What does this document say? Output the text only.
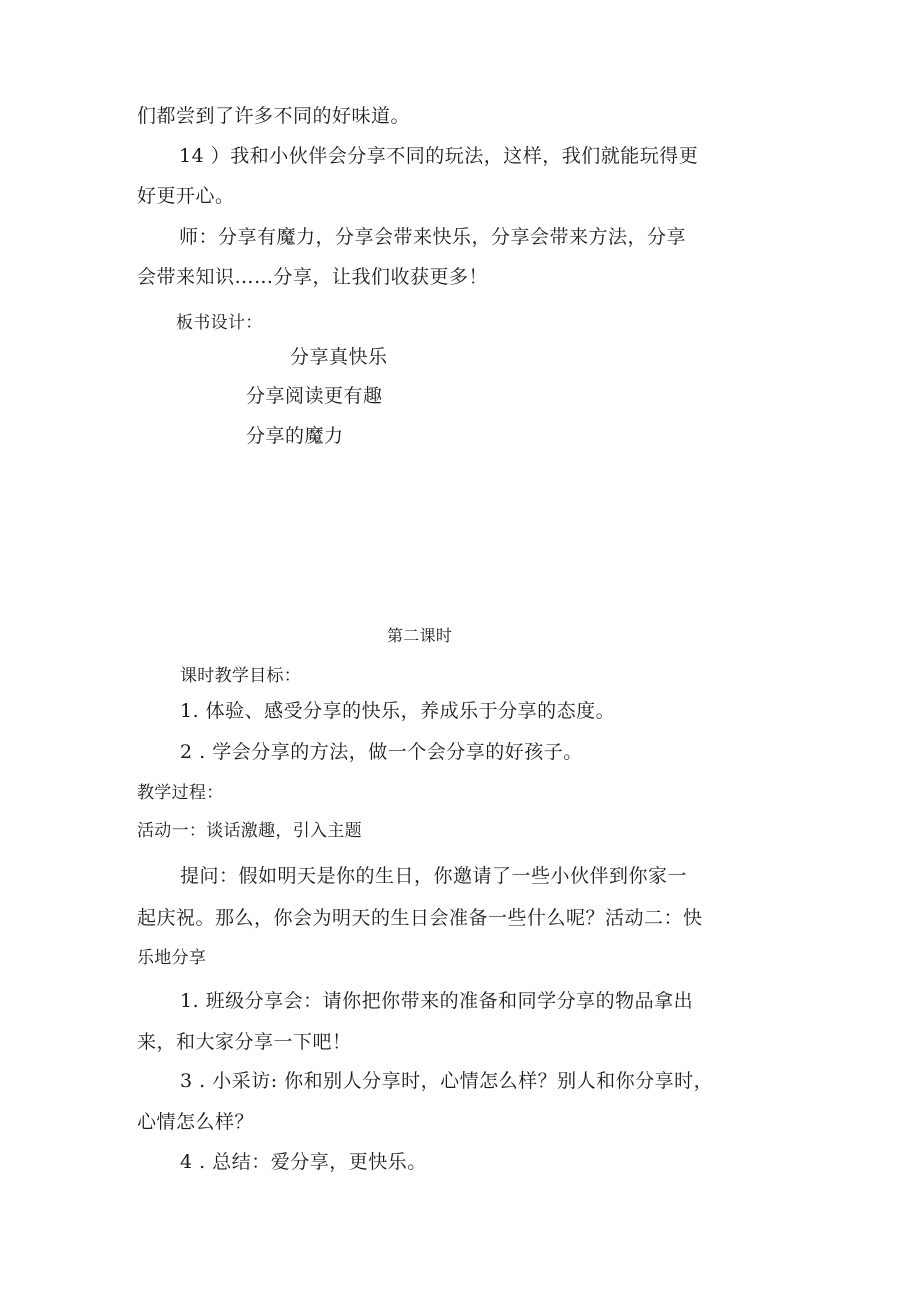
们都尝到了许多不同的好味道。
14 ）我和小伙伴会分享不同的玩法，这样，我们就能玩得更
好更开心。
师：分享有魔力，分享会带来快乐，分享会带来方法，分享
会带来知识……分享，让我们收获更多！
板书设计：
分享真快乐
分享阅读更有趣
分享的魔力
第二课时
课时教学目标：
1. 体验、感受分享的快乐，养成乐于分享的态度。
2 . 学会分享的方法，做一个会分享的好孩子。
教学过程：
活动一：谈话激趣，引入主题
提问：假如明天是你的生日，你邀请了一些小伙伴到你家一
起庆祝。那么，你会为明天的生日会准备一些什么呢？活动二：快
乐地分享
1. 班级分享会：请你把你带来的准备和同学分享的物品拿出
来，和大家分享一下吧！
3 . 小采访: 你和别人分享时，心情怎么样？别人和你分享时，
心情怎么样？
4 . 总结：爱分享，更快乐。
